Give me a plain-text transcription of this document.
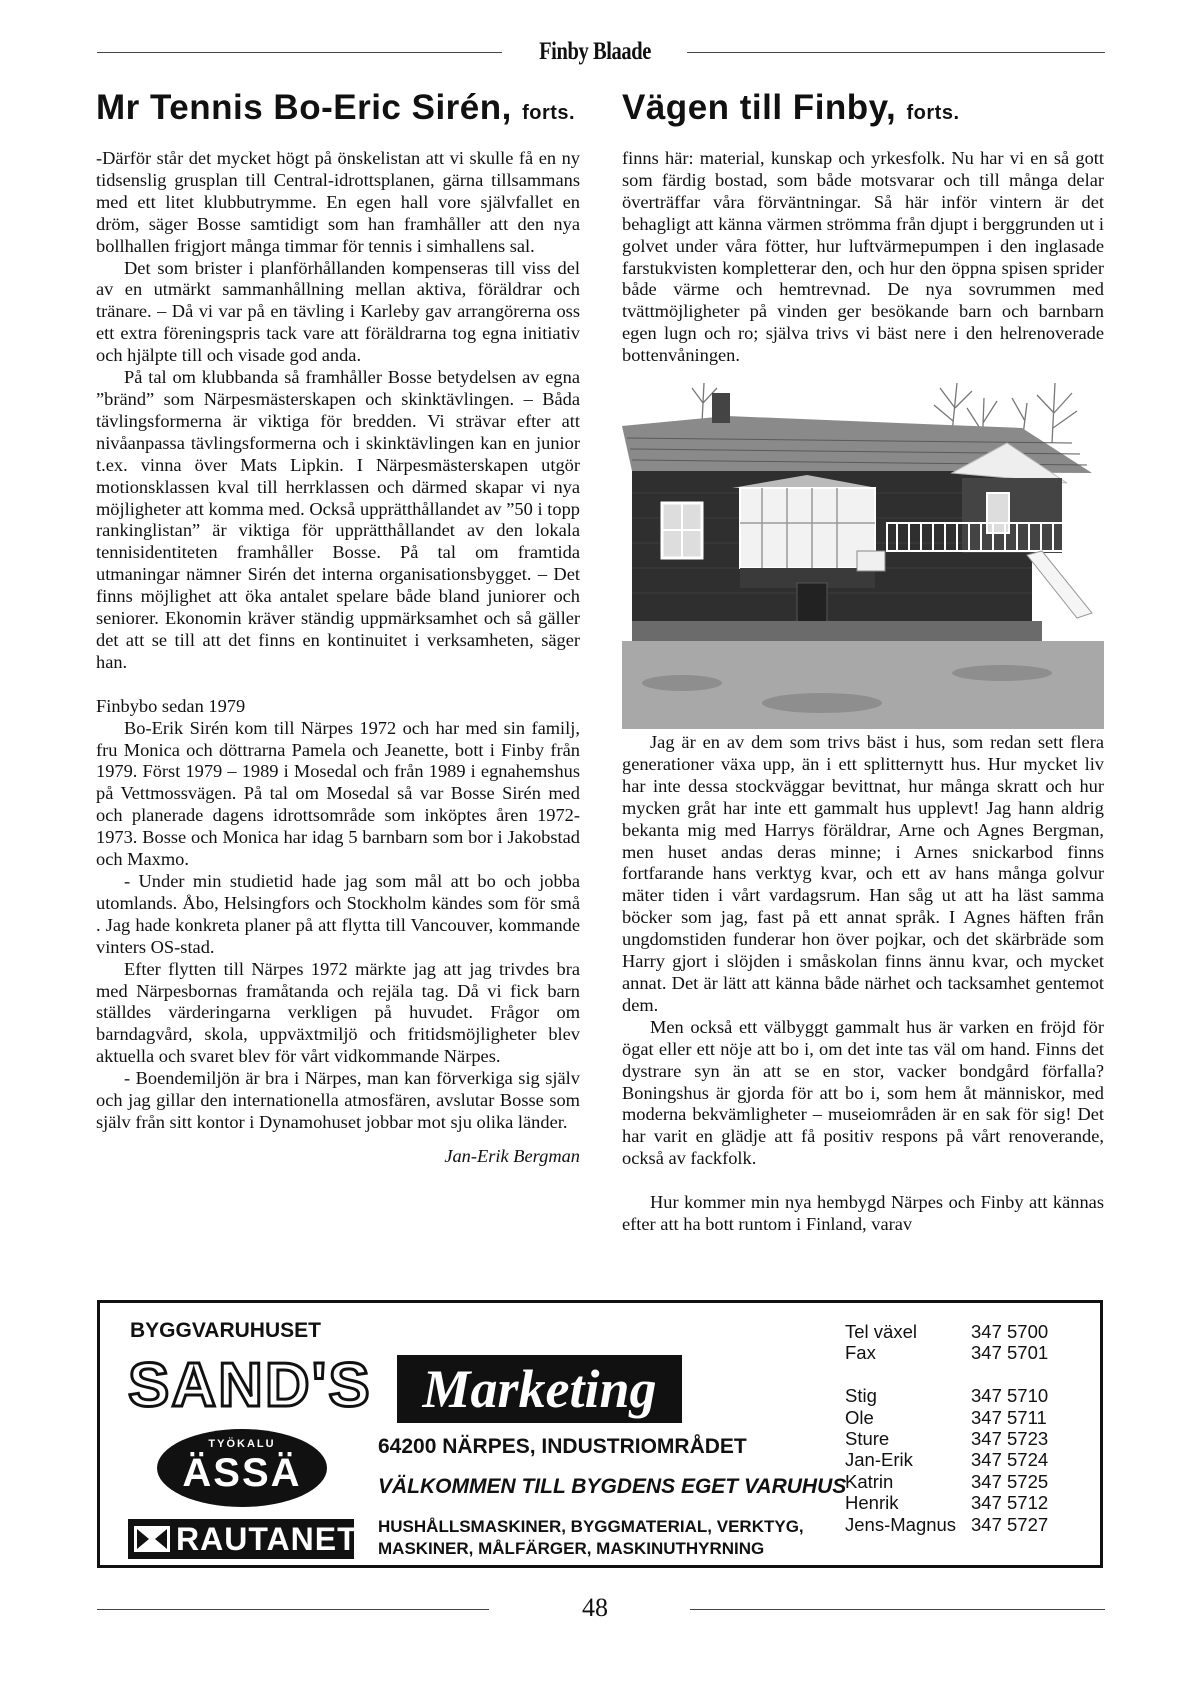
Finby Blaade
Mr Tennis Bo-Eric Sirén, forts.

-Därför står det mycket högt på önskelistan att vi skulle få en ny tidsenslig grusplan till Central-idrottsplanen, gärna tillsammans med ett litet klubbutrymme. En egen hall vore självfallet en dröm, säger Bosse samtidigt som han framhåller att den nya bollhallen frigjort många timmar för tennis i simhallens sal.

Det som brister i planförhållanden kompenseras till viss del av en utmärkt sammanhållning mellan aktiva, föräldrar och tränare. – Då vi var på en tävling i Karleby gav arrangörerna oss ett extra föreningspris tack vare att föräldrarna tog egna initiativ och hjälpte till och visade god anda.

På tal om klubbanda så framhåller Bosse betydelsen av egna ”bränd” som Närpesmästerskapen och skinktävlingen. – Båda tävlingsformerna är viktiga för bredden. Vi strävar efter att nivåanpassa tävlingsformerna och i skinktävlingen kan en junior t.ex. vinna över Mats Lipkin. I Närpesmästerskapen utgör motionsklassen kval till herrklassen och därmed skapar vi nya möjligheter att komma med. Också upprätthållandet av ”50 i topp rankinglistan” är viktiga för upprätthållandet av den lokala tennisidentiteten framhåller Bosse. På tal om framtida utmaningar nämner Sirén det interna organisationsbygget. – Det finns möjlighet att öka antalet spelare både bland juniorer och seniorer. Ekonomin kräver ständig uppmärksamhet och så gäller det att se till att det finns en kontinuitet i verksamheten, säger han.

Finbybo sedan 1979

Bo-Erik Sirén kom till Närpes 1972 och har med sin familj, fru Monica och döttrarna Pamela och Jeanette, bott i Finby från 1979. Först 1979 – 1989 i Mosedal och från 1989 i egnahemshus på Vettmossvägen. På tal om Mosedal så var Bosse Sirén med och planerade dagens idrottsområde som inköptes åren 1972-1973. Bosse och Monica har idag 5 barnbarn som bor i Jakobstad och Maxmo.

- Under min studietid hade jag som mål att bo och jobba utomlands. Åbo, Helsingfors och Stockholm kändes som för små . Jag hade konkreta planer på att flytta till Vancouver, kommande vinters OS-stad.

Efter flytten till Närpes 1972 märkte jag att jag trivdes bra med Närpesbornas framåtanda och rejäla tag. Då vi fick barn ställdes värderingarna verkligen på huvudet. Frågor om barndagvård, skola, uppväxtmiljö och fritidsmöjligheter blev aktuella och svaret blev för vårt vidkommande Närpes.

- Boendemiljön är bra i Närpes, man kan förverkiga sig själv och jag gillar den internationella atmosfären, avslutar Bosse som själv från sitt kontor i Dynamohuset jobbar mot sju olika länder.

Jan-Erik Bergman
Vägen till Finby, forts.

finns här: material, kunskap och yrkesfolk. Nu har vi en så gott som färdig bostad, som både motsvarar och till många delar överträffar våra förväntningar. Så här inför vintern är det behagligt att känna värmen strömma från djupt i berggrunden ut i golvet under våra fötter, hur luftvärmepumpen i den inglasade farstukvisten kompletterar den, och hur den öppna spisen sprider både värme och hemtrevnad. De nya sovrummen med tvättmöjligheter på vinden ger besökande barn och barnbarn egen lugn och ro; själva trivs vi bäst nere i den helrenoverade bottenvåningen.

Jag är en av dem som trivs bäst i hus, som redan sett flera generationer växa upp, än i ett splitternytt hus. Hur mycket liv har inte dessa stockväggar bevittnat, hur många skratt och hur mycken gråt har inte ett gammalt hus upplevt! Jag hann aldrig bekanta mig med Harrys föräldrar, Arne och Agnes Bergman, men huset andas deras minne; i Arnes snickarbod finns fortfarande hans verktyg kvar, och ett av hans många golvur mäter tiden i vårt vardagsrum. Han såg ut att ha läst samma böcker som jag, fast på ett annat språk. I Agnes häften från ungdomstiden funderar hon över pojkar, och det skärbräde som Harry gjort i slöjden i småskolan finns ännu kvar, och mycket annat. Det är lätt att känna både närhet och tacksamhet gentemot dem.

Men också ett välbyggt gammalt hus är varken en fröjd för ögat eller ett nöje att bo i, om det inte tas väl om hand. Finns det dystrare syn än att se en stor, vacker bondgård förfalla? Boningshus är gjorda för att bo i, som hem åt människor, med moderna bekvämligheter – museiområden är en sak för sig! Det har varit en glädje att få positiv respons på vårt renoverande, också av fackfolk.

Hur kommer min nya hembygd Närpes och Finby att kännas efter att ha bott runtom i Finland, varav

BYGGVARUHUSET
SAND'S Marketing
TYÖKALU
ÄSSÄ
RAUTANET
64200 NÄRPES, INDUSTRIOMRÅDET
VÄLKOMMEN TILL BYGDENS EGET VARUHUS
HUSHÅLLSMASKINER, BYGGMATERIAL, VERKTYG,
MASKINER, MÅLFÄRGER, MASKINUTHYRNING
Tel växel	347 5700
Fax	347 5701
Stig	347 5710
Ole	347 5711
Sture	347 5723
Jan-Erik	347 5724
Katrin	347 5725
Henrik	347 5712
Jens-Magnus 347 5727
48
